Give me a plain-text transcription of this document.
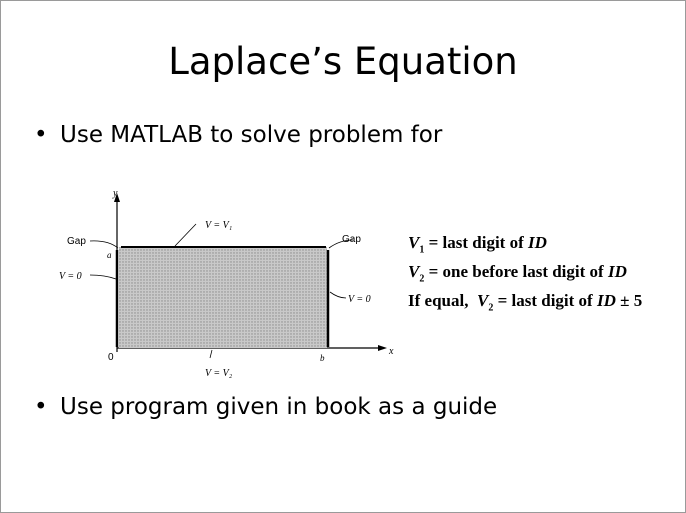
Laplace’s Equation
• Use MATLAB to solve problem for
y
x
V = V₁
Gap
a
V = 0
Gap
V = 0
b
0
V = V₂
$V_1$ = last digit of ID
$V_2$ = one before last digit of ID
If equal,  $V_2$ = last digit of ID ± 5
• Use program given in book as a guide
